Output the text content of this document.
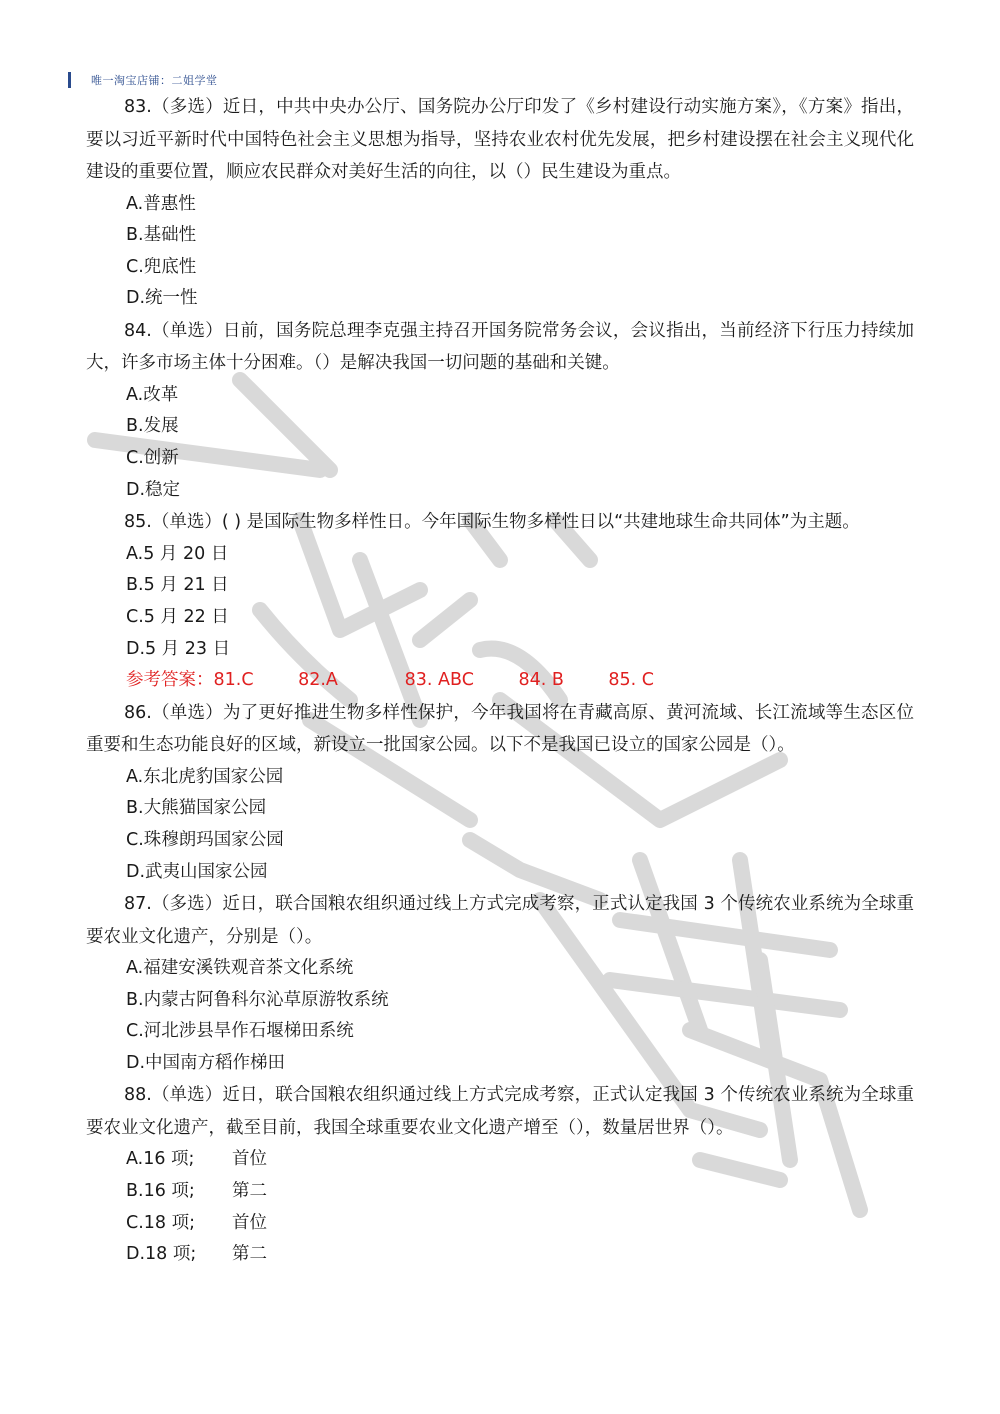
唯一淘宝店铺：二姐学堂

83.（多选）近日，中共中央办公厅、国务院办公厅印发了《乡村建设行动实施方案》，《方案》指出，要以习近平新时代中国特色社会主义思想为指导，坚持农业农村优先发展，把乡村建设摆在社会主义现代化建设的重要位置，顺应农民群众对美好生活的向往，以（）民生建设为重点。

A.普惠性

B.基础性

C.兜底性

D.统一性

84.（单选）日前，国务院总理李克强主持召开国务院常务会议，会议指出，当前经济下行压力持续加大，许多市场主体十分困难。（）是解决我国一切问题的基础和关键。

A.改革

B.发展

C.创新

D.稳定

85.（单选）( ) 是国际生物多样性日。今年国际生物多样性日以“共建地球生命共同体”为主题。

A.5 月 20 日

B.5 月 21 日

C.5 月 22 日

D.5 月 23 日

参考答案：81.C	82.A	83. ABC	84. B	85. C

86.（单选）为了更好推进生物多样性保护，今年我国将在青藏高原、黄河流域、长江流域等生态区位重要和生态功能良好的区域，新设立一批国家公园。以下不是我国已设立的国家公园是（）。

A.东北虎豹国家公园

B.大熊猫国家公园

C.珠穆朗玛国家公园

D.武夷山国家公园

87.（多选）近日，联合国粮农组织通过线上方式完成考察，正式认定我国 3 个传统农业系统为全球重要农业文化遗产，分别是（）。

A.福建安溪铁观音茶文化系统

B.内蒙古阿鲁科尔沁草原游牧系统

C.河北涉县旱作石堰梯田系统

D.中国南方稻作梯田

88.（单选）近日，联合国粮农组织通过线上方式完成考察，正式认定我国 3 个传统农业系统为全球重要农业文化遗产，截至目前，我国全球重要农业文化遗产增至（），数量居世界（）。

A.16 项; 首位

B.16 项; 第二

C.18 项; 首位

D.18 项; 第二
